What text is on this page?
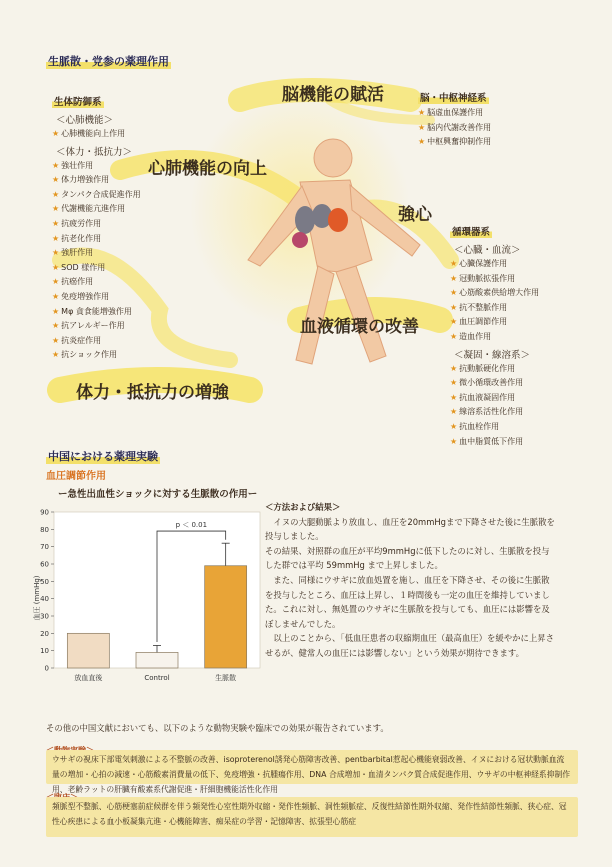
生脈散・党参の薬理作用
脳機能の賦活
心肺機能の向上
強心
血液循環の改善
体力・抵抗力の増強
生体防御系
＜心肺機能＞
★ 心肺機能向上作用
＜体力・抵抗力＞
★ 強壮作用
★ 体力増強作用
★ タンパク合成促進作用
★ 代謝機能亢進作用
★ 抗疲労作用
★ 抗老化作用
★ 強肝作用
★ SOD 様作用
★ 抗癌作用
★ 免疫増強作用
★ Mφ 貪食能増強作用
★ 抗アレルギー作用
★ 抗炎症作用
★ 抗ショック作用
脳・中枢神経系
★ 脳虚血保護作用
★ 脳内代謝改善作用
★ 中枢興奮抑制作用
循環器系
＜心臓・血流＞
★ 心臓保護作用
★ 冠動脈拡張作用
★ 心筋酸素供給増大作用
★ 抗不整脈作用
★ 血圧調節作用
★ 造血作用
＜凝固・線溶系＞
★ 抗動脈硬化作用
★ 微小循環改善作用
★ 抗血液凝固作用
★ 線溶系活性化作用
★ 抗血栓作用
★ 血中脂質低下作用
中国における薬理実験
血圧調節作用
ー急性出血性ショックに対する生脈散の作用ー
血圧 (mmHg)
0
10
20
30
40
50
60
70
80
90
放血直後	Control	生脈散
p ＜ 0.01
＜方法および結果＞
イヌの大腿動脈より放血し、血圧を20mmHgまで下降させた後に生脈散を投与しました。
その結果、対照群の血圧が平均9mmHgに低下したのに対し、生脈散を投与した群では平均 59mmHg まで上昇しました。
また、同様にウサギに放血処置を施し、血圧を下降させ、その後に生脈散を投与したところ、血圧は上昇し、１時間後も一定の血圧を維持していました。これに対し、無処置のウサギに生脈散を投与しても、血圧には影響を及ぼしませんでした。
以上のことから、「低血圧患者の収縮期血圧（最高血圧）を緩やかに上昇させるが、健常人の血圧には影響しない」という効果が期待できます。
その他の中国文献においても、以下のような動物実験や臨床での効果が報告されています。
ウサギの視床下部電気刺激による不整脈の改善、isoproterenol誘発心筋障害改善、pentbarbital惹起心機能衰弱改善、イヌにおける冠状動脈血流量の増加・心拍の減速・心筋酸素消費量の低下、免疫増強・抗腫瘍作用、DNA 合成増加・血清タンパク質合成促進作用、ウサギの中枢神経系抑制作用、老齢ラットの肝臓有酸素系代謝促進・肝細胞機能活性化作用
頻脈型不整脈、心筋梗塞前症候群を伴う頻発性心室性期外収縮・発作性頻脈、洞性頻脈症、反復性結節性期外収縮、発作性結節性頻脈、狭心症、冠性心疾患による血小板凝集亢進・心機能障害、痴呆症の学習・記憶障害、拡張型心筋症
